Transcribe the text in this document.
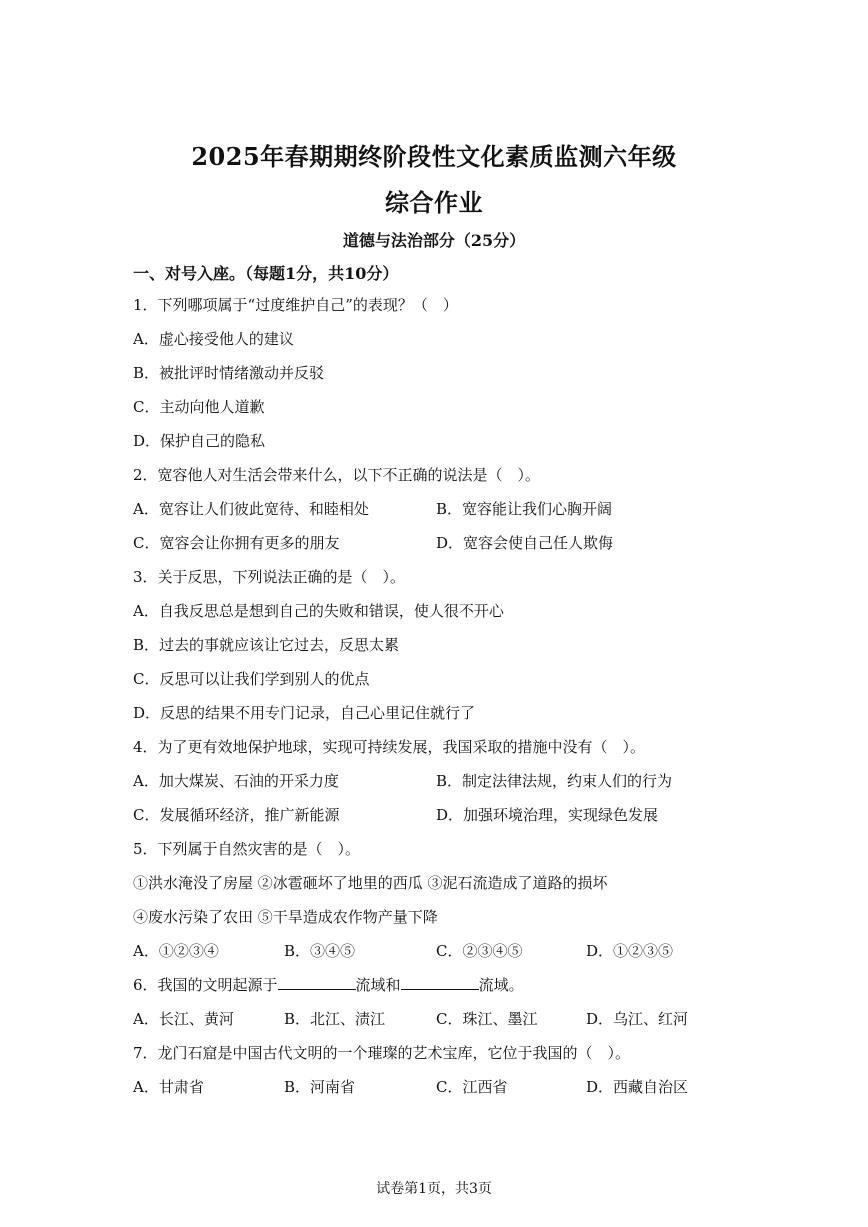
2025年春期期终阶段性文化素质监测六年级
综合作业
道德与法治部分（25分）
一、对号入座。（每题1分，共10分）
1．下列哪项属于“过度维护自己”的表现？（　）
A．虚心接受他人的建议
B．被批评时情绪激动并反驳
C．主动向他人道歉
D．保护自己的隐私
2．宽容他人对生活会带来什么，以下不正确的说法是（　）。
A．宽容让人们彼此宽待、和睦相处	B．宽容能让我们心胸开阔
C．宽容会让你拥有更多的朋友	D．宽容会使自己任人欺侮
3．关于反思，下列说法正确的是（　）。
A．自我反思总是想到自己的失败和错误，使人很不开心
B．过去的事就应该让它过去，反思太累
C．反思可以让我们学到别人的优点
D．反思的结果不用专门记录，自己心里记住就行了
4．为了更有效地保护地球，实现可持续发展，我国采取的措施中没有（　）。
A．加大煤炭、石油的开采力度	B．制定法律法规，约束人们的行为
C．发展循环经济，推广新能源	D．加强环境治理，实现绿色发展
5．下列属于自然灾害的是（　）。
①洪水淹没了房屋 ②冰雹砸坏了地里的西瓜 ③泥石流造成了道路的损坏
④废水污染了农田 ⑤干旱造成农作物产量下降
A．①②③④	B．③④⑤	C．②③④⑤	D．①②③⑤
6．我国的文明起源于	流域和	流域。
A．长江、黄河	B．北江、渍江	C．珠江、墨江	D．乌江、红河
7．龙门石窟是中国古代文明的一个璀璨的艺术宝库，它位于我国的（　）。
A．甘肃省	B．河南省	C．江西省	D．西藏自治区
试卷第1页，共3页
